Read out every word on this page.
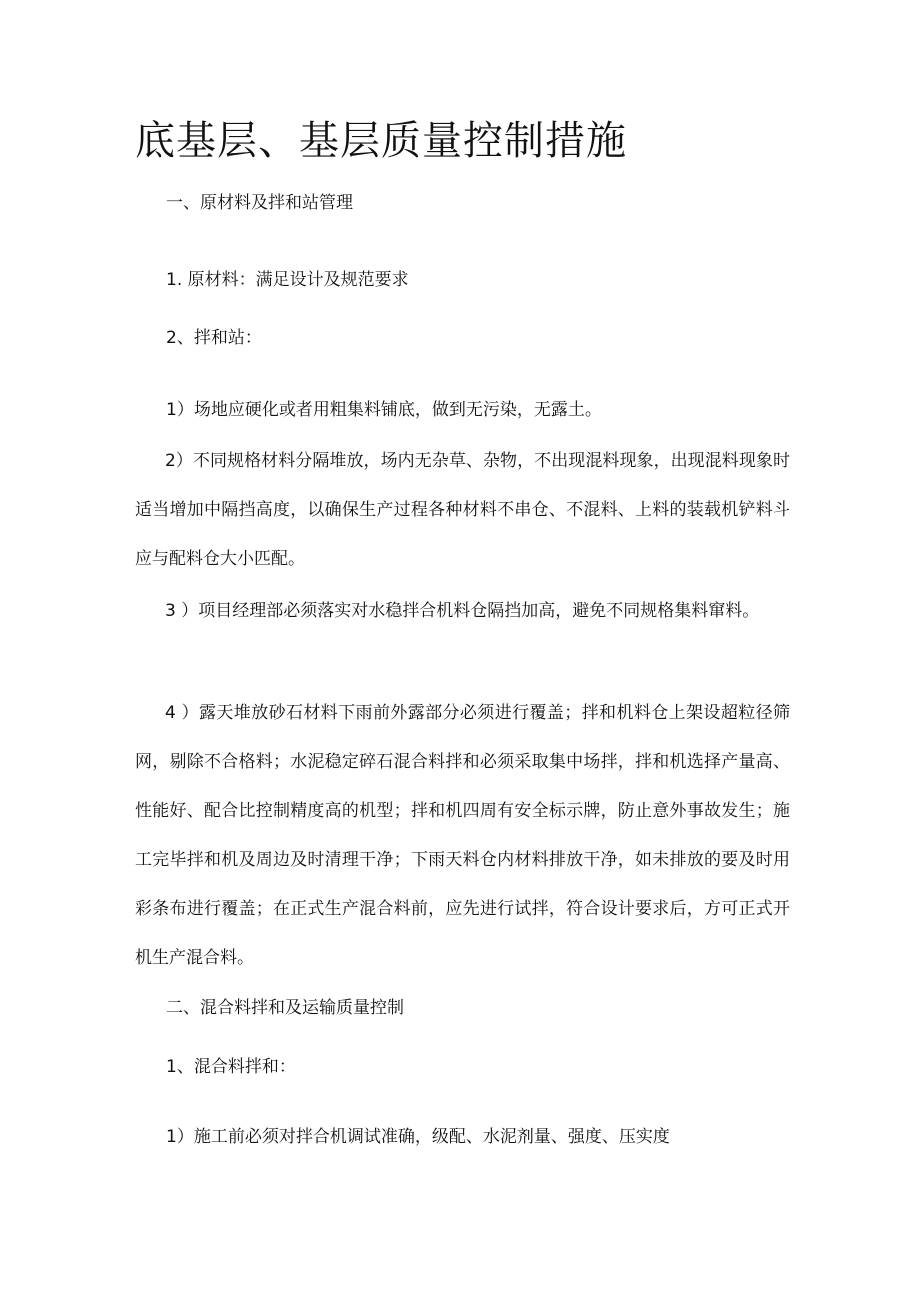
底基层、基层质量控制措施

一、原材料及拌和站管理

1. 原材料：满足设计及规范要求

2、拌和站：

1）场地应硬化或者用粗集料铺底，做到无污染，无露土。

2）不同规格材料分隔堆放，场内无杂草、杂物，不出现混料现象，出现混料现象时适当增加中隔挡高度，以确保生产过程各种材料不串仓、不混料、上料的装载机铲料斗应与配料仓大小匹配。

3 ）项目经理部必须落实对水稳拌合机料仓隔挡加高，避免不同规格集料窜料。

4 ）露天堆放砂石材料下雨前外露部分必须进行覆盖；拌和机料仓上架设超粒径筛网，剔除不合格料；水泥稳定碎石混合料拌和必须采取集中场拌，拌和机选择产量高、性能好、配合比控制精度高的机型；拌和机四周有安全标示牌，防止意外事故发生；施工完毕拌和机及周边及时清理干净；下雨天料仓内材料排放干净，如未排放的要及时用彩条布进行覆盖；在正式生产混合料前，应先进行试拌，符合设计要求后，方可正式开机生产混合料。

二、混合料拌和及运输质量控制

1、混合料拌和：

1）施工前必须对拌合机调试准确，级配、水泥剂量、强度、压实度
